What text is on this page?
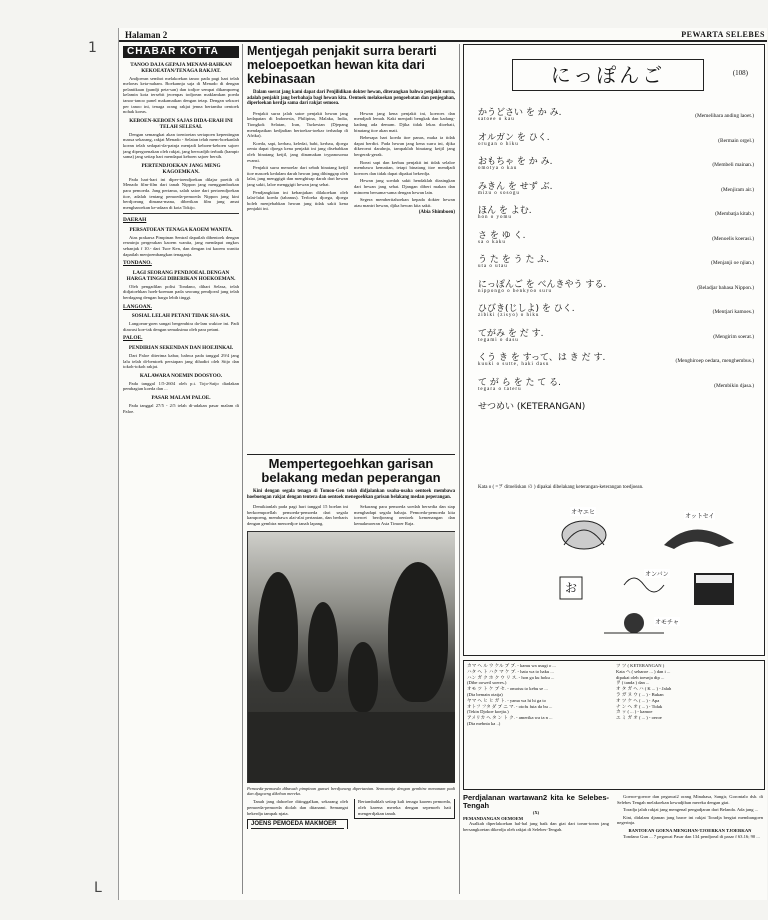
1
L
Halaman 2	PEWARTA SELEBES
CHABAR KOTTA
TANOO DAJA GEPAJA MENAM-BAHKAN KEKOEATAN/TENAGA RAKJAT.

Andjoeran sembot melakoekan tanoo pada pagi hari telah meloeas keta-naham. Boekannja saja di Menado di dengan pelantikaan (pandji peta-san) dan todjoe sempai dikampoeng kelamin kota tersebit jeoenpas todjoean maklamkan poeda tanoo-tanoo panel makamatkan dengan tetap. Dengan seksoet per tanoo ini, tenaga orang rakjat jenna bertamba oentoek nohak koeas.

KEBOEN-KEBOEN SAJAS DIDA-ERAH INI TELAH SELESAI.

Dengan semangkat akan toentoetan sertapoen kepentingan massa sekarang, rakjat Menado - Selatan telah mem-boekanlah koean telah sedapat-da-patnja menjadi keboen-keboen sajoer jang dipergoenakan oleh rakjat, jang berwadjib terbaik (hampir sama) jang setiap hari mendapat keboen sajoer bersih.

PERTENDJOEKAN JANG MENG KAGOEMKAN.

Pada hari-hari ini diper-toendjoekan dilajar poetih di Menado film-film dari tanah Nippon jang menggambarkan para pemoeda. Jang pertama, salah satoe dari pertoendjoekan itoe, adalah tentang pemoeda-pemoeda Nippon jang kini berdjoeang dimana-mana, diberikan film jang amat mengharoekan ke-adaan di kota Tokijo.

DAERAH
PERSATOEAN TENAGA KAOEM WANITA.

Atas prakarsa Pimpinan Sentral dapatlah dibentoek dengan resminja pergerakan kaoem wanita, jang mendapat ongkos sebanjak f 10.- dari Tsoe Ken, dan dengan ini kaoem wanita dapatlah menjoembangkan tenaganja.

TONDANO.
LAGI SEORANG PENDJOEAL DENGAN HARGA TINGGI DIBERIKAN HOEKOEMAN.

Oleh pengadilan polisi Tondano, dihari Selasa, telah didjatoehkan hoeh-koeman pada seorang pendjoeal jang telah berdagang dengan harga lebih tinggi.

LANGOAN.
SOSIAL LELAH PETANI TIDAK SIA-SIA.

Langoean-goen sangat bergembira da-lam waktoe ini. Padi diawasi koe-tak dengan semaksima oleh para petani.

PALOE.
PENDIRIAN SEKENDAN DAN HOEJINKAI.

Dari Paloe diterima kabar, bahwa pada tanggal 29/4 jang lalu telah di-bentoek persiapan jang dihadiri oleh Sitjo dan tokoh-tokoh rakjat.

KALAWARA NOEMIN DOOSYOO.

Pada tanggal 1/5-2604 oleh p.t. Tojo-Saijo diadakan pembagian koeda dan ...

PASAR MALAM PALOE.

Pada tanggal 27/5 - 2/5 telah di-adakan pasar malam di Paloe.

Mentjegah penjakit surra berarti meloepoetkan hewan kita dari kebinasaan

Dalam soerat jang kami dapat dari Penjilidikan dokter hewan, diterangkan bahwa penjakit surra, adalah penjakit jang berbahaja bagi hewan kita. Oentoek melakoekan pengoebatan dan penjegahan, diperloekan kerdja sama dari rakjat semoea.

Penjakit surra jalah satoe penjakit hewan jang kedapatan di Indonesia, Philipina, Malaka, India, Tiongkok Selatan, Iran, Turkestan (Djepang mendapatkan kedjadian bertoekar-toekar terhadap di Afrika).

Koeda, sapi, kerbau, keledai, babi, kerbau, djoega oenta dapat djoega kena penjakit ini jang disebabkan oleh binatang ketjil, jang dinamakan trypanosoma evansi.

Penjakit surra menoelar dari sebab binatang ketjil itoe masoek kedalam darah hewan jang dihinggap oleh lalat, jang menggigit dan menghisap darah dari hewan jang sakit, laloe menggigit hewan jang sehat.

Pendjangkitan ini kebanjakan dilakoekan oleh lalat-lalat koeda (tabanus). Terloeka djoega, djoega boleh menjebabkan hewan jang tidak sakit kena penjakit ini.

Hewan jang kena penjakit ini, koeroes dan mendjadi lemah. Kaki menjadi bengkak dan kadang-kadang ada demam. Djika tidak lekas dioebati, binatang itoe akan mati.

Bebesapa hari koeda itoe panas, maka ia tidak dapat berdiri. Pada hewan jang kena surra ini, djika dikeroeat darahnja, tampaklah binatang ketjil jang bergerak-gerak.

Boeat sapi dan kerbau penjakit ini tidak selaloe membawa kematian, tetapi binatang itoe mendjadi koeroes dan tidak dapat dipakai bekerdja.

Hewan jang soedah sakit hendaklah diasingkan dari hewan jang sehat. Djangan diberi makan dan minoem bersama-sama dengan hewan lain.

Segera memberitahoekan kepada dokter hewan atau mantri hewan, djika hewan kita sakit.

(Abia Shimboen)
Mempertegoehkan garisan belakang medan peperangan

Kini dengan segala tenaga di Tomon-Gen telah didjalankan usaha-usaha oentoek membawa hoeboengan rakjat dengan tentera dan oentoek menegoehkan garisan belakang medan peperangan.

Demikianlah pada pagi hari tanggal 15 boelan ini berkoempoellah pemoeda-pemoeda dari segala kampoeng, membawa alat-alat pertanian, dan berbaris dengan gembira menoedjoe tanah lapang.

Sekarang para pemoeda soedah bersedia dan siap menghadapi segala bahaja. Pemoeda-pemoeda kita toeroet berdjoeang oentoek kemenangan dan kemakmoeran Asia Timoer Raja.

Pemoeda-pemoeda dibawah pimpinan gunsei berdjoeang dipertanian. Semoeanja dengan gembira menanam padi dan djagoeng dikebun mereka.

Tanah jang dahoeloe ditinggalkan, sekarang oleh pemoeda-pemoeda diolah dan ditanami. Semangat bekerdja tampak njata.

JOENS PEMOEDA MAKMOER
Bertambahlah setiap kali tenaga kaoem pemoeda, oleh karena mereka dengan sepenoeh hati mengerdjakan tanah.
にっぽんご	(108)
かうどさい を か み.
satoee o kau
(Memelihara anding laoet.)
オルガン を ひく.
orugan o hiku
(Bermain orgel.)
おもちゃ を か み.
omotya o kau
(Membeli mainan.)
みきん を せず ぶ.
mizu o sosogu
(Menjiram air.)
ほん を よむ.
hon o yomu
(Membatja kitab.)
さ を ゆ く.
sa o kaku
(Menoelis koerasi.)
う た を う た ふ.
uta o utau
(Menjanji oe njian.)
にっぽんご を べんきやう する.
nippongo o benkyoo suru
(Beladjar bahasa Nippon.)
ひびき(じしよ) を ひく.
zibiki (zisyo) o hiku
(Mentjari kamoes.)
てがみ を だ す.
tegami o dasu
(Mengirim soerat.)
くう き を すって、は き だ す.
kuuki o sutte, haki dasu
(Menghiroep oedara, menghembus.)
て が ら を た て る.
tegara o tateru
(Membikin djasa.)
せつめい (KETERANGAN)
Kata o ( =ヲ ditoeliskan の ) dipakai dibelakang keterangan-keterangan toedjoean.
オヤエヒ
オットセイ
オンバン
オモチャ
お
カマ ヘ ル ウ ケル ブ ブ. - kamu wa usugi o ...
ハタ ヘ ト ハク マ ケ ブ. - hata wa to haku ...
ハン ガ ク ホ ク ウ リ ス. - hon ga ku hoku ...
(Dibe ooweil soeres.)
オモ ツ ト ケ ブ セ. - omotsu to kebu se ...
(Dia bemain otatja)
ヤマ ヘ ヒ ヒ ガ ト. - yama wa hi hi ga to
オトフ フタ ダ ブ ニ マ. - otofu futa da bu ...
(Tekin Djokoe koejia.)
アメリカ ヘ タ ン ト ク. - amerika wa ta n ...
(Dia mebnta ka ..)
ツ ツ ( KETERANGAN )
Kata ヘ ( seharoe ... ) dan i ...
dipakai oleh toesnja dip ...
ヲ ( tanda ) dan ...
オ タ ガ ヘ ハ ( K ... ) - Jalah
ラ ガ ヌ ウ ( ... ) - Bukan
オ ツ ケ ヘ ( ... ) - Apa
ナ ン ヘ オ ( ... ) - Tidak
カ ッ ( ... ) - kamoe
エ ミ ガ オ ( ... ) - oeroe
Perdjalanan wartawan2 kita ke Selebes-Tengah
(X)
PEMANDANGAN OEMOEM

Asalkah diperlakoekan hal-hal jang baik dan giat dari toean-toean jang bersangkoetan dikerdja oleh rakjat di Selebes-Tengah.

Goeroe-goeroe dan pegawai2 orang Minahasa, Sangir, Gorontalo dsb. di Selebes Tengah melakoekan kewadjiban mereka dengan giat.

Toradja jalah rakjat jang mengenal pengadjaran dari Belanda. Ada jang ...

Kini, didalam djaman jang baroe ini rakjat Toradja bergiat membangoen negerinja.

BANTOEAN GOENA MENGHAN-TJOERKAN TJOERKAN

Tondano Gun ... 7 pegawai Pasar dan 134 pendjoeal di pasar f 63.16; 90 ...
